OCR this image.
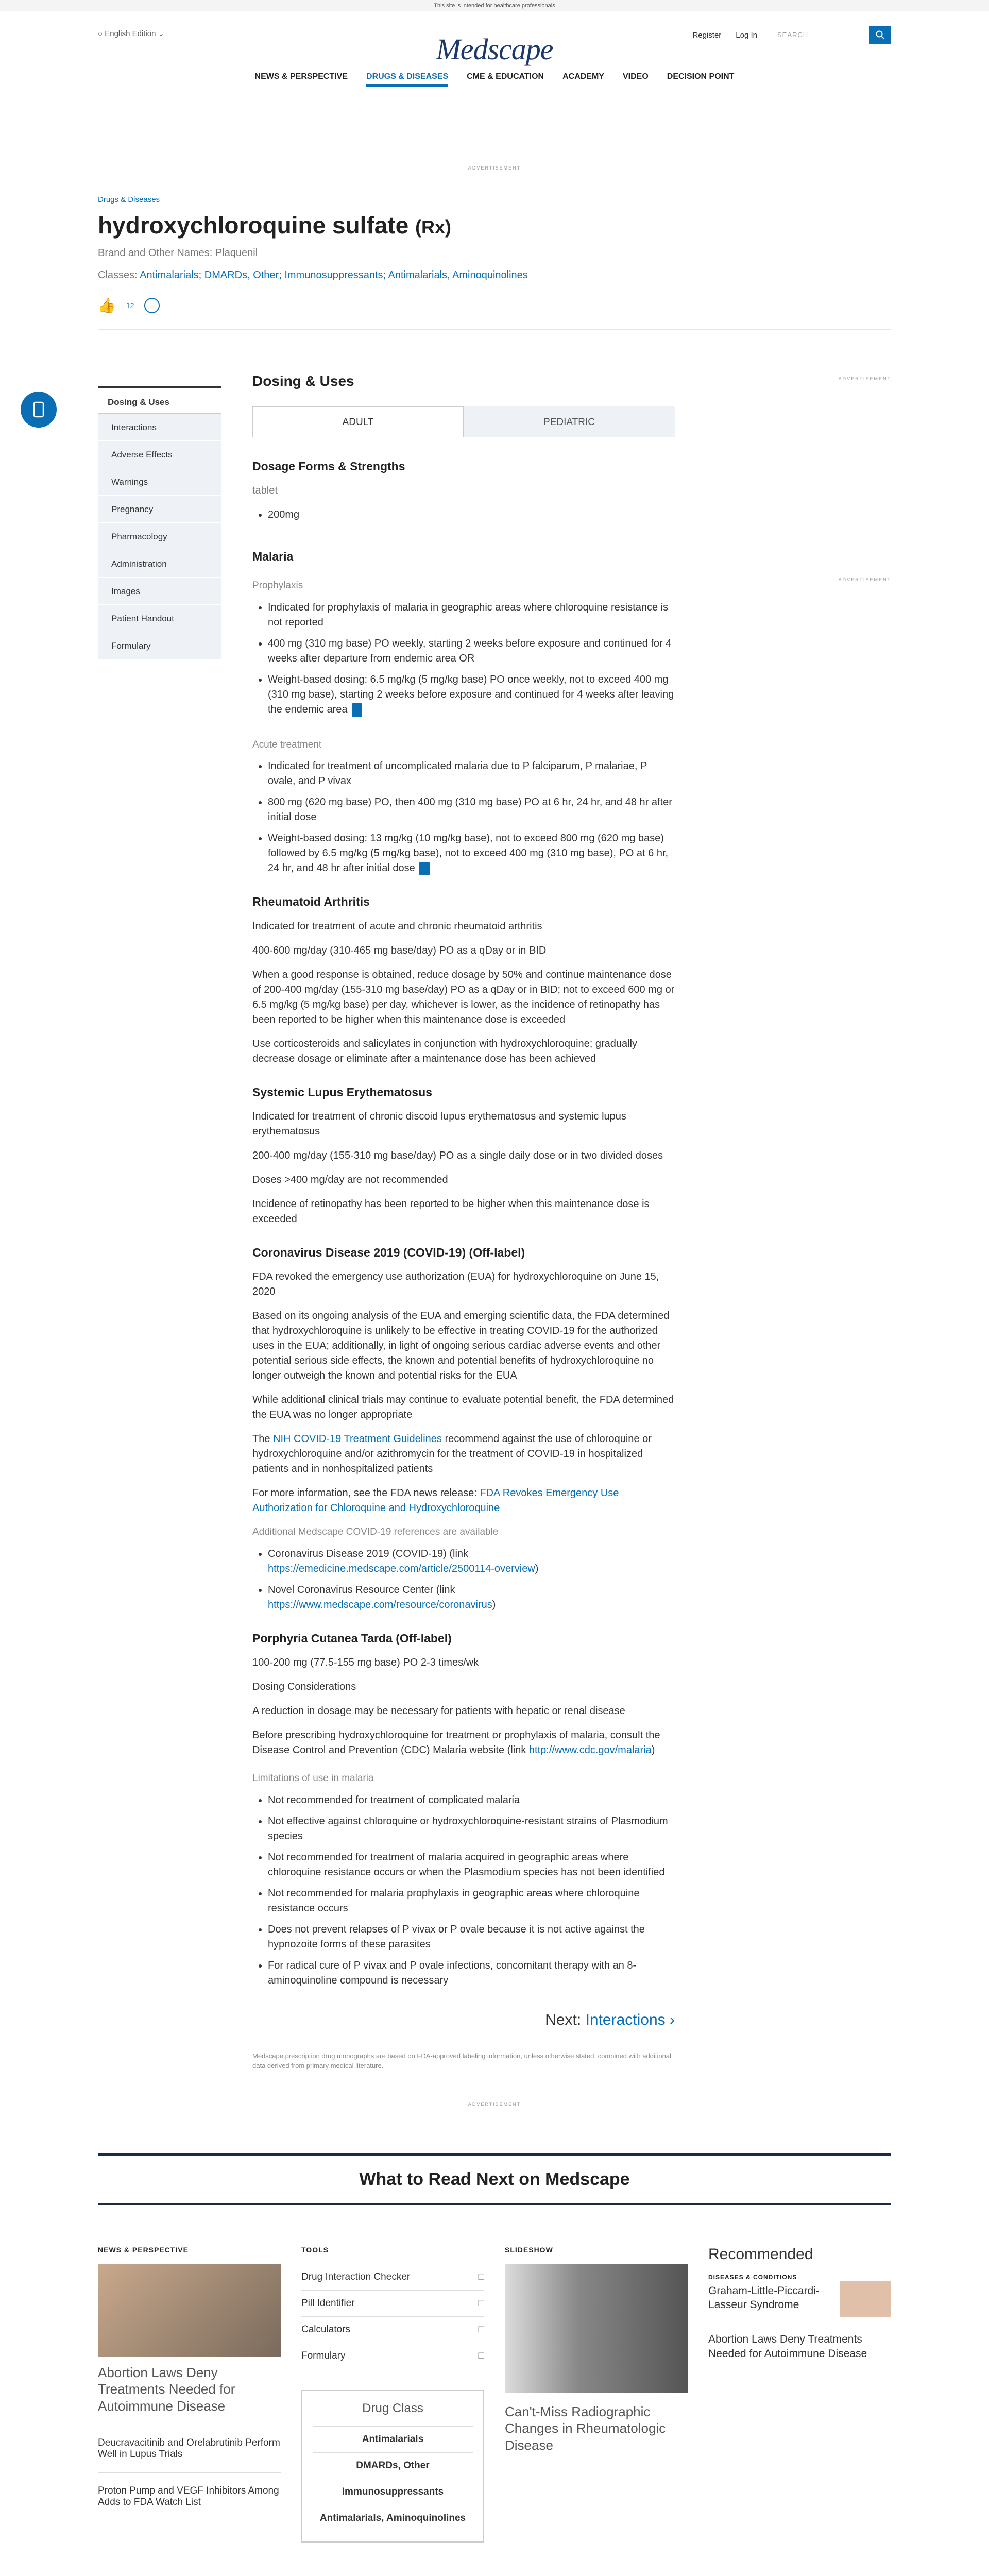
This site is intended for healthcare professionals
○ English Edition ⌄	Medscape	Register Log In	SEARCH
NEWS & PERSPECTIVE DRUGS & DISEASES CME & EDUCATION ACADEMY VIDEO DECISION POINT
ADVERTISEMENT
Drugs & Diseases
hydroxychloroquine sulfate (Rx)
Brand and Other Names: Plaquenil
Classes: Antimalarials; DMARDs, Other; Immunosuppressants; Antimalarials, Aminoquinolines
👍 12
ADVERTISEMENT
ADVERTISEMENT
Dosing & Uses
Interactions
Adverse Effects
Warnings
Pregnancy
Pharmacology
Administration
Images
Patient Handout
Formulary
Dosing & Uses
ADULT	PEDIATRIC
Dosage Forms & Strengths

tablet

• 200mg
Malaria
Prophylaxis
• Indicated for prophylaxis of malaria in geographic areas where chloroquine resistance is not reported
• 400 mg (310 mg base) PO weekly, starting 2 weeks before exposure and continued for 4 weeks after departure from endemic area OR
• Weight-based dosing: 6.5 mg/kg (5 mg/kg base) PO once weekly, not to exceed 400 mg (310 mg base), starting 2 weeks before exposure and continued for 4 weeks after leaving the endemic area
Acute treatment
• Indicated for treatment of uncomplicated malaria due to P falciparum, P malariae, P ovale, and P vivax
• 800 mg (620 mg base) PO, then 400 mg (310 mg base) PO at 6 hr, 24 hr, and 48 hr after initial dose
• Weight-based dosing: 13 mg/kg (10 mg/kg base), not to exceed 800 mg (620 mg base) followed by 6.5 mg/kg (5 mg/kg base), not to exceed 400 mg (310 mg base), PO at 6 hr, 24 hr, and 48 hr after initial dose
Rheumatoid Arthritis

Indicated for treatment of acute and chronic rheumatoid arthritis

400-600 mg/day (310-465 mg base/day) PO as a qDay or in BID

When a good response is obtained, reduce dosage by 50% and continue maintenance dose of 200-400 mg/day (155-310 mg base/day) PO as a qDay or in BID; not to exceed 600 mg or 6.5 mg/kg (5 mg/kg base) per day, whichever is lower, as the incidence of retinopathy has been reported to be higher when this maintenance dose is exceeded

Use corticosteroids and salicylates in conjunction with hydroxychloroquine; gradually decrease dosage or eliminate after a maintenance dose has been achieved

Systemic Lupus Erythematosus

Indicated for treatment of chronic discoid lupus erythematosus and systemic lupus erythematosus

200-400 mg/day (155-310 mg base/day) PO as a single daily dose or in two divided doses

Doses >400 mg/day are not recommended

Incidence of retinopathy has been reported to be higher when this maintenance dose is exceeded

Coronavirus Disease 2019 (COVID-19) (Off-label)

FDA revoked the emergency use authorization (EUA) for hydroxychloroquine on June 15, 2020

Based on its ongoing analysis of the EUA and emerging scientific data, the FDA determined that hydroxychloroquine is unlikely to be effective in treating COVID-19 for the authorized uses in the EUA; additionally, in light of ongoing serious cardiac adverse events and other potential serious side effects, the known and potential benefits of hydroxychloroquine no longer outweigh the known and potential risks for the EUA

While additional clinical trials may continue to evaluate potential benefit, the FDA determined the EUA was no longer appropriate

The NIH COVID-19 Treatment Guidelines recommend against the use of chloroquine or hydroxychloroquine and/or azithromycin for the treatment of COVID-19 in hospitalized patients and in nonhospitalized patients

For more information, see the FDA news release: FDA Revokes Emergency Use Authorization for Chloroquine and Hydroxychloroquine

Additional Medscape COVID-19 references are available
• Coronavirus Disease 2019 (COVID-19) (link https://emedicine.medscape.com/article/2500114-overview)
• Novel Coronavirus Resource Center (link https://www.medscape.com/resource/coronavirus)
Porphyria Cutanea Tarda (Off-label)

100-200 mg (77.5-155 mg base) PO 2-3 times/wk

Dosing Considerations

A reduction in dosage may be necessary for patients with hepatic or renal disease

Before prescribing hydroxychloroquine for treatment or prophylaxis of malaria, consult the Disease Control and Prevention (CDC) Malaria website (link http://www.cdc.gov/malaria)

Limitations of use in malaria
• Not recommended for treatment of complicated malaria
• Not effective against chloroquine or hydroxychloroquine-resistant strains of Plasmodium species
• Not recommended for treatment of malaria acquired in geographic areas where chloroquine resistance occurs or when the Plasmodium species has not been identified
• Not recommended for malaria prophylaxis in geographic areas where chloroquine resistance occurs
• Does not prevent relapses of P vivax or P ovale because it is not active against the hypnozoite forms of these parasites
• For radical cure of P vivax and P ovale infections, concomitant therapy with an 8-aminoquinoline compound is necessary
Next: Interactions ›
Medscape prescription drug monographs are based on FDA-approved labeling information, unless otherwise stated, combined with additional data derived from primary medical literature.
ADVERTISEMENT
What to Read Next on Medscape
NEWS & PERSPECTIVE
Abortion Laws Deny Treatments Needed for Autoimmune Disease
Deucravacitinib and Orelabrutinib Perform Well in Lupus Trials
Proton Pump and VEGF Inhibitors Among Adds to FDA Watch List
TOOLS
Drug Interaction Checker	□
Pill Identifier	□
Calculators	□
Formulary	□
Drug Class
Antimalarials
DMARDs, Other
Immunosuppressants
Antimalarials, Aminoquinolines
SLIDESHOW
Can't-Miss Radiographic Changes in Rheumatologic Disease
Recommended
DISEASES & CONDITIONS
Graham-Little-Piccardi-Lasseur Syndrome
Abortion Laws Deny Treatments Needed for Autoimmune Disease
